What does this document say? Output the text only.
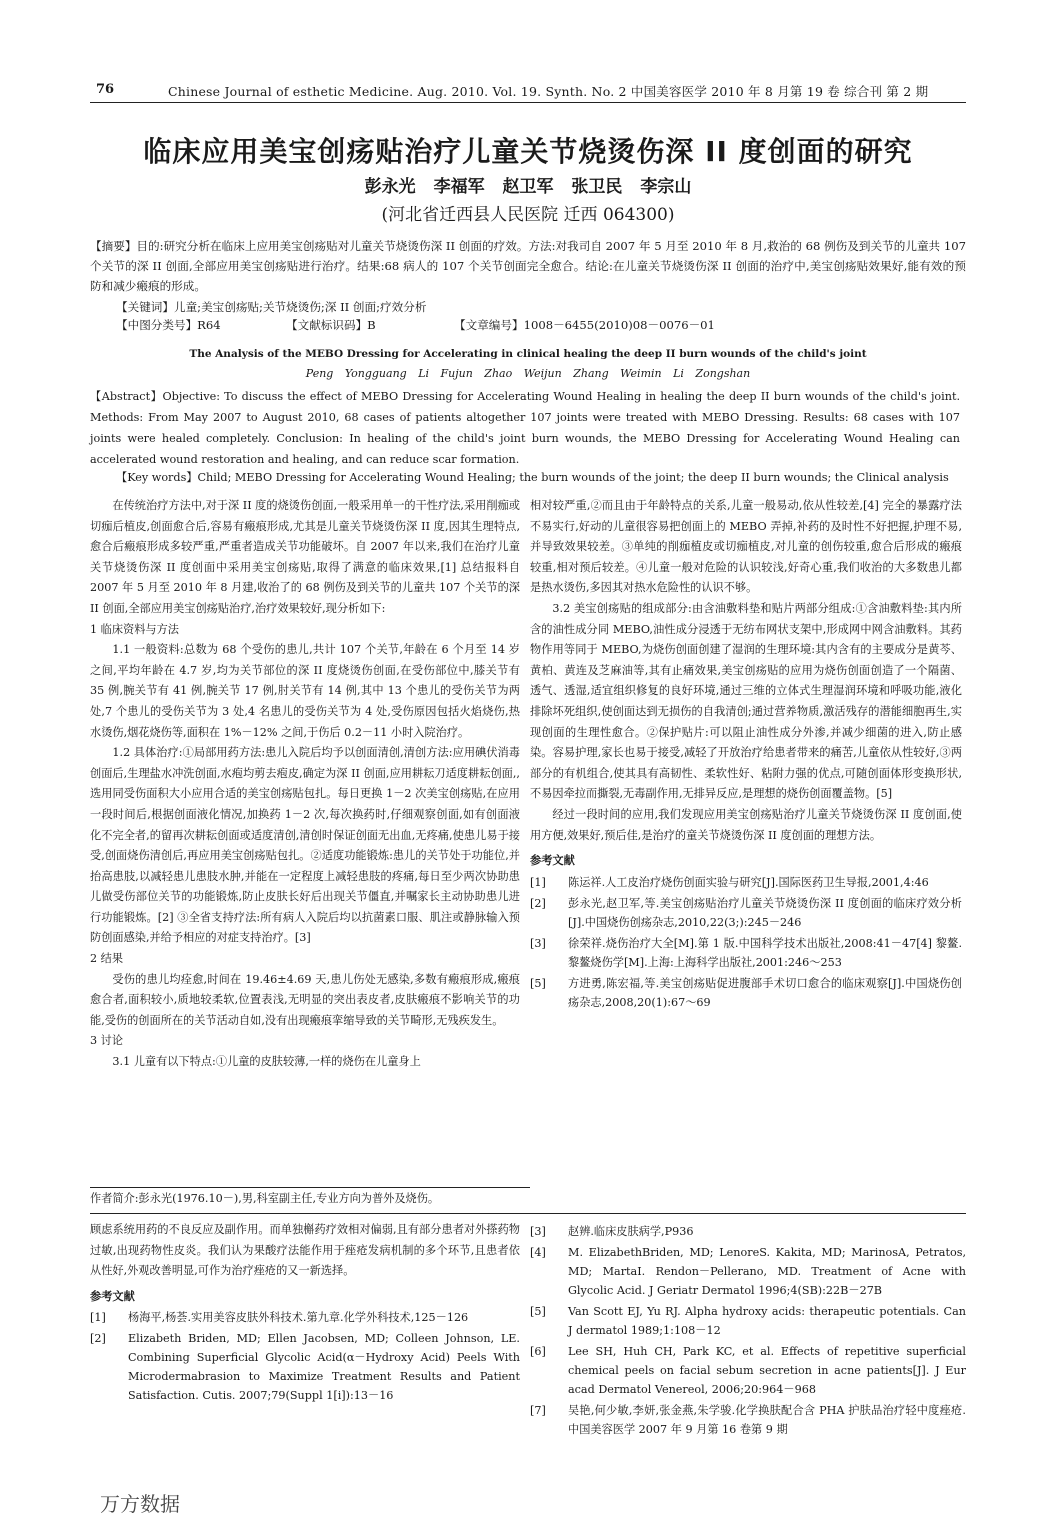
76	Chinese Journal of esthetic Medicine. Aug. 2010. Vol. 19. Synth. No. 2 中国美容医学 2010 年 8 月第 19 卷 综合刊 第 2 期
临床应用美宝创疡贴治疗儿童关节烧烫伤深 II 度创面的研究
彭永光 李福军 赵卫军 张卫民 李宗山
(河北省迁西县人民医院 迁西 064300)
【摘要】目的:研究分析在临床上应用美宝创疡贴对儿童关节烧烫伤深 II 创面的疗效。方法:对我司自 2007 年 5 月至 2010 年 8 月,救治的 68 例伤及到关节的儿童共 107 个关节的深 II 创面,全部应用美宝创疡贴进行治疗。结果:68 病人的 107 个关节创面完全愈合。结论:在儿童关节烧烫伤深 II 创面的治疗中,美宝创疡贴效果好,能有效的预防和减少瘢痕的形成。
【关键词】儿童;美宝创疡贴;关节烧烫伤;深 II 创面;疗效分析
【中图分类号】R64	【文献标识码】B	【文章编号】1008－6455(2010)08－0076－01
The Analysis of the MEBO Dressing for Accelerating in clinical healing the deep II burn wounds of the child's joint
Peng Yongguang Li Fujun Zhao Weijun Zhang Weimin Li Zongshan
【Abstract】Objective: To discuss the effect of MEBO Dressing for Accelerating Wound Healing in healing the deep II burn wounds of the child's joint. Methods: From May 2007 to August 2010, 68 cases of patients altogether 107 joints were treated with MEBO Dressing. Results: 68 cases with 107 joints were healed completely. Conclusion: In healing of the child's joint burn wounds, the MEBO Dressing for Accelerating Wound Healing can accelerated wound restoration and healing, and can reduce scar formation.
【Key words】Child; MEBO Dressing for Accelerating Wound Healing; the burn wounds of the joint; the deep II burn wounds; the Clinical analysis

在传统治疗方法中,对于深 II 度的烧烫伤创面,一般采用单一的干性疗法,采用削痂或切痂后植皮,创面愈合后,容易有瘢痕形成,尤其是儿童关节烧烫伤深 II 度,因其生理特点,愈合后瘢痕形成多较严重,严重者造成关节功能破坏。自 2007 年以来,我们在治疗儿童关节烧烫伤深 II 度创面中采用美宝创疡贴,取得了满意的临床效果,[1] 总结报料自 2007 年 5 月至 2010 年 8 月建,收治了的 68 例伤及到关节的儿童共 107 个关节的深 II 创面,全部应用美宝创疡贴治疗,治疗效果较好,现分析如下:

1 临床资料与方法

1.1 一般资料:总数为 68 个受伤的患儿,共计 107 个关节,年龄在 6 个月至 14 岁之间,平均年龄在 4.7 岁,均为关节部位的深 II 度烧烫伤创面,在受伤部位中,膝关节有 35 例,腕关节有 41 例,腕关节 17 例,肘关节有 14 例,其中 13 个患儿的受伤关节为两处,7 个患儿的受伤关节为 3 处,4 名患儿的受伤关节为 4 处,受伤原因包括火焰烧伤,热水烫伤,烟花烧伤等,面积在 1%－12% 之间,于伤后 0.2－11 小时入院治疗。

1.2 具体治疗:①局部用药方法:患儿入院后均予以创面清创,清创方法:应用碘伏消毒创面后,生理盐水冲洗创面,水疱均剪去疱皮,确定为深 II 创面,应用耕耘刀适度耕耘创面,,选用同受伤面积大小应用合适的美宝创疡贴包扎。每日更换 1－2 次美宝创疡贴,在应用一段时间后,根据创面液化情况,加换药 1－2 次,每次换药时,仔细观察创面,如有创面液化不完全者,的留再次耕耘创面或适度清创,清创时保证创面无出血,无疼痛,使患儿易于接受,创面烧伤清创后,再应用美宝创疡贴包扎。②适度功能锻炼:患儿的关节处于功能位,并抬高患肢,以减轻患儿患肢水肿,并能在一定程度上减轻患肢的疼痛,每日至少两次协助患儿做受伤部位关节的功能锻炼,防止皮肤长好后出现关节僵直,并嘱家长主动协助患儿进行功能锻炼。[2] ③全省支持疗法:所有病人入院后均以抗菌素口服、肌注或静脉输入预防创面感染,并给予相应的对症支持治疗。[3]

2 结果

受伤的患儿均痊愈,时间在 19.46±4.69 天,患儿伤处无感染,多数有瘢痕形成,瘢痕愈合者,面积较小,质地较柔软,位置表浅,无明显的突出表皮者,皮肤瘢痕不影响关节的功能,受伤的创面所在的关节活动自如,没有出现瘢痕挛缩导致的关节畸形,无残疾发生。

3 讨论

3.1 儿童有以下特点:①儿童的皮肤较薄,一样的烧伤在儿童身上

相对较严重,②而且由于年龄特点的关系,儿童一般易动,依从性较差,[4] 完全的暴露疗法不易实行,好动的儿童很容易把创面上的 MEBO 弄掉,补药的及时性不好把握,护理不易,并导致效果较差。③单纯的削痂植皮或切痂植皮,对儿童的创伤较重,愈合后形成的瘢痕较重,相对预后较差。④儿童一般对危险的认识较浅,好奇心重,我们收治的大多数患儿都是热水烫伤,多因其对热水危险性的认识不够。

3.2 美宝创疡贴的组成部分:由含油敷料垫和贴片两部分组成:①含油敷料垫:其内所含的油性成分同 MEBO,油性成分浸透于无纺布网状支架中,形成网中网含油敷料。其药物作用等同于 MEBO,为烧伤创面创建了湿润的生理环境:其内含有的主要成分是黄芩、黄柏、黄连及芝麻油等,其有止痛效果,美宝创疡贴的应用为烧伤创面创造了一个隔菌、透气、透湿,适宜组织修复的良好环境,通过三维的立体式生理湿润环境和呼吸功能,液化排除坏死组织,使创面达到无损伤的自我清创;通过营养物质,激活残存的潜能细胞再生,实现创面的生理性愈合。②保护贴片:可以阻止油性成分外渗,并减少细菌的进入,防止感染。容易护理,家长也易于接受,减轻了开放治疗给患者带来的痛苦,儿童依从性较好,③两部分的有机组合,使其具有高韧性、柔软性好、粘附力强的优点,可随创面体形变换形状,不易因牵拉而撕裂,无毒副作用,无排异反应,是理想的烧伤创面覆盖物。[5]

经过一段时间的应用,我们发现应用美宝创疡贴治疗儿童关节烧烫伤深 II 度创面,使用方便,效果好,预后佳,是治疗的童关节烧烫伤深 II 度创面的理想方法。

参考文献

[1] 陈运祥.人工皮治疗烧伤创面实验与研究[J].国际医药卫生导报,2001,4:46
[2] 彭永光,赵卫军,等.美宝创疡贴治疗儿童关节烧烫伤深 II 度创面的临床疗效分析[J].中国烧伤创疡杂志,2010,22(3;):245－246
[3] 徐荣祥.烧伤治疗大全[M].第 1 版.中国科学技术出版社,2008:41－47[4] 黎鳌.黎鳌烧伤学[M].上海:上海科学出版社,2001:246～253
[5] 方进勇,陈宏福,等.美宝创疡贴促进腹部手术切口愈合的临床观察[J].中国烧伤创疡杂志,2008,20(1):67～69
作者简介:彭永光(1976.10－),男,科室副主任,专业方向为普外及烧伤。

顾虑系统用药的不良反应及副作用。而单独槲药疗效相对偏弱,且有部分患者对外搽药物过敏,出现药物性皮炎。我们认为果酸疗法能作用于痤疮发病机制的多个环节,且患者依从性好,外观改善明显,可作为治疗痤疮的又一新选择。

参考文献

[1] 杨海平,杨荟.实用美容皮肤外科技术.第九章.化学外科技术,125－126
[2] Elizabeth Briden, MD; Ellen Jacobsen, MD; Colleen Johnson, LE. Combining Superficial Glycolic Acid(α－Hydroxy Acid) Peels With Microdermabrasion to Maximize Treatment Results and Patient Satisfaction. Cutis. 2007;79(Suppl 1[i]):13－16
[3] 赵辨.临床皮肤病学,P936
[4] M. ElizabethBriden, MD; LenoreS. Kakita, MD; MarinosA, Petratos, MD; MartaI. Rendon－Pellerano, MD. Treatment of Acne with Glycolic Acid. J Geriatr Dermatol 1996;4(SB):22B－27B
[5] Van Scott EJ, Yu RJ. Alpha hydroxy acids: therapeutic potentials. Can J dermatol 1989;1:108－12
[6] Lee SH, Huh CH, Park KC, et al. Effects of repetitive superficial chemical peels on facial sebum secretion in acne patients[J]. J Eur acad Dermatol Venereol, 2006;20:964－968
[7] 吴艳,何少敏,李妍,张金燕,朱学骏.化学换肤配合含 PHA 护肤品治疗轻中度痤疮.中国美容医学 2007 年 9 月第 16 卷第 9 期
万方数据
